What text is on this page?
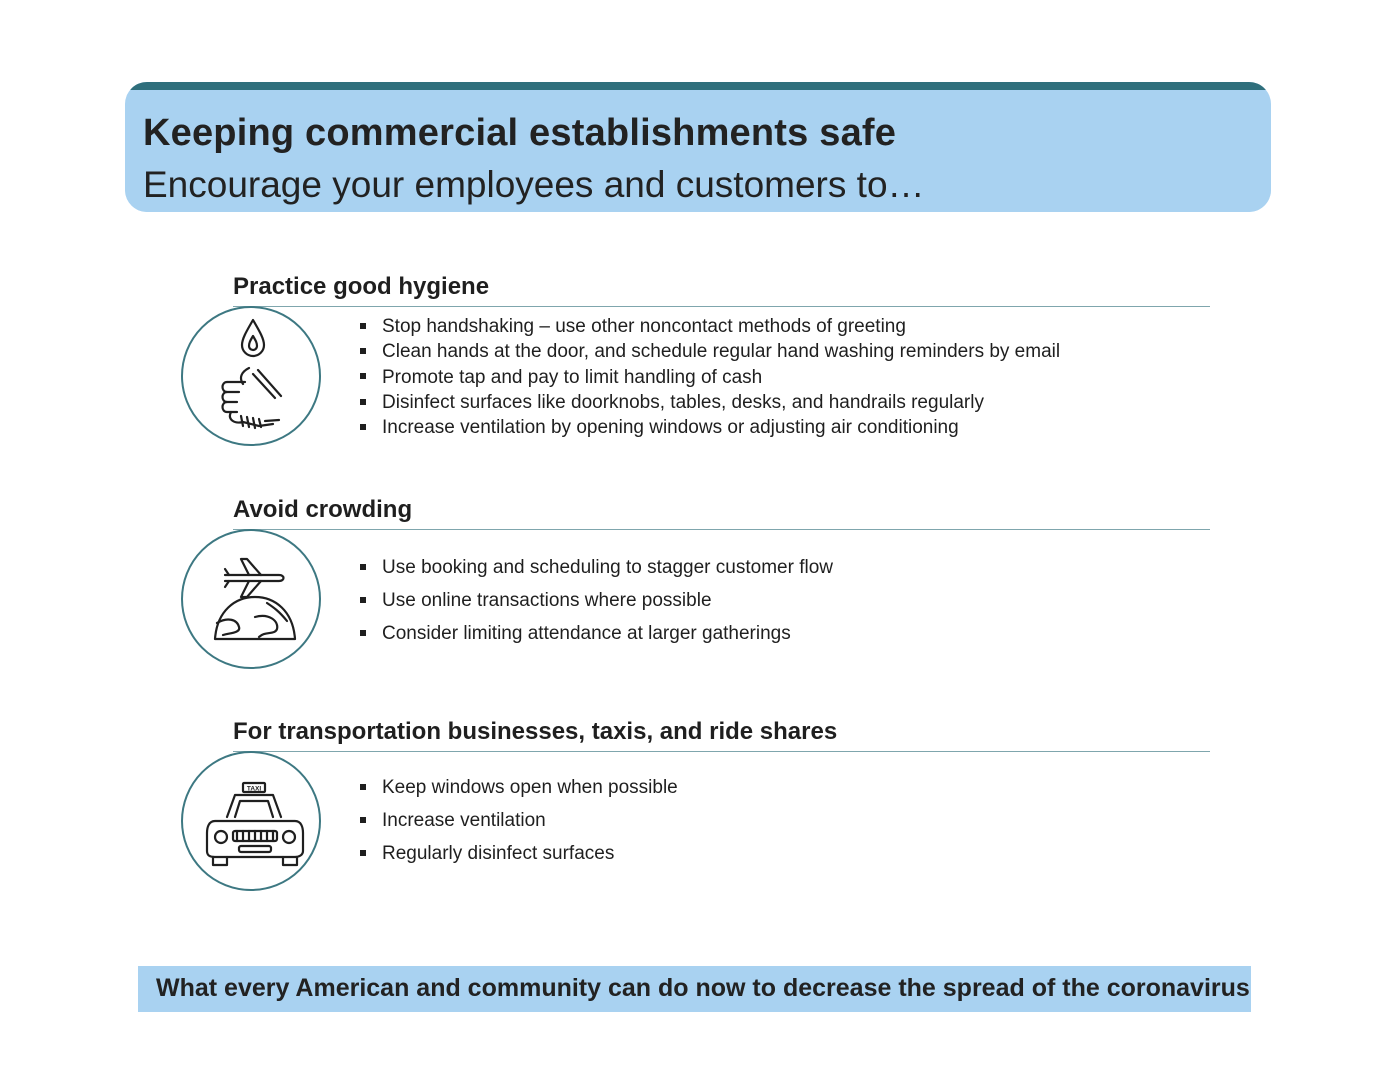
Keeping commercial establishments safe
Encourage your employees and customers to…
Practice good hygiene
Stop handshaking – use other noncontact methods of greeting
Clean hands at the door, and schedule regular hand washing reminders by email
Promote tap and pay to limit handling of cash
Disinfect surfaces like doorknobs, tables, desks, and handrails regularly
Increase ventilation by opening windows or adjusting air conditioning
Avoid crowding
Use booking and scheduling to stagger customer flow
Use online transactions where possible
Consider limiting attendance at larger gatherings
For transportation businesses, taxis, and ride shares
TAXI	Keep windows open when possible
Increase ventilation
Regularly disinfect surfaces
What every American and community can do now to decrease the spread of the coronavirus
